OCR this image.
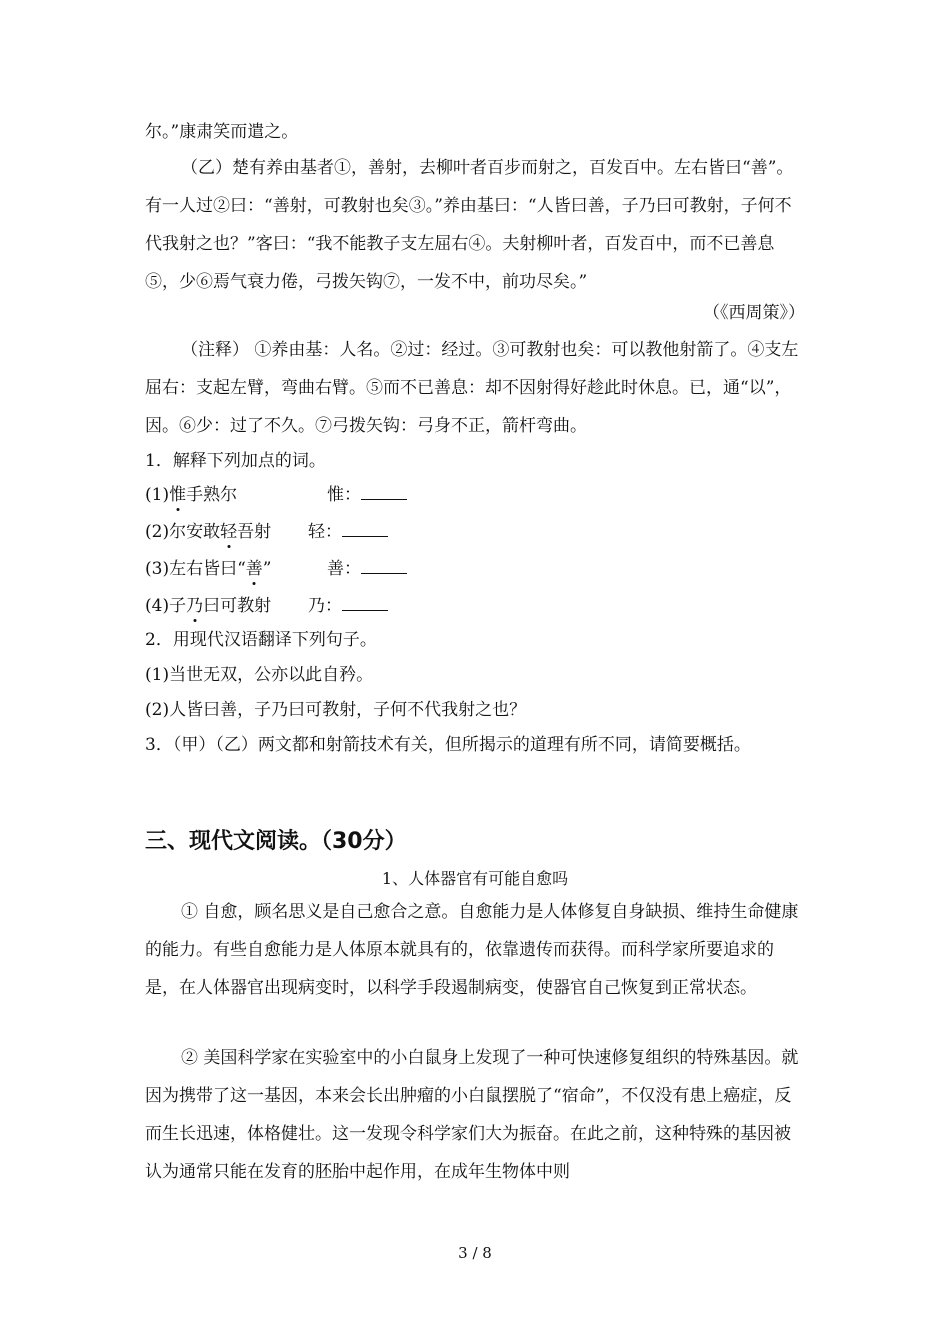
尔。”康肃笑而遣之。
（乙）楚有养由基者①，善射，去柳叶者百步而射之，百发百中。左右皆曰“善”。有一人过②曰：“善射，可教射也矣③。”养由基曰：“人皆曰善，子乃曰可教射，子何不代我射之也？”客曰：“我不能教子支左屈右④。夫射柳叶者，百发百中，而不已善息⑤，少⑥焉气衰力倦，弓拨矢钩⑦，一发不中，前功尽矣。”
（《西周策》）
（注释） ①养由基：人名。②过：经过。③可教射也矣：可以教他射箭了。④支左屈右：支起左臂，弯曲右臂。⑤而不已善息：却不因射得好趁此时休息。已，通“以”，因。⑥少：过了不久。⑦弓拨矢钩：弓身不正，箭杆弯曲。
1．解释下列加点的词。
(1)惟手熟尔	惟：
(2)尔安敢轻吾射 轻：
(3)左右皆曰“善”	善：
(4)子乃曰可教射 乃：
2．用现代汉语翻译下列句子。
(1)当世无双，公亦以此自矜。
(2)人皆曰善，子乃曰可教射，子何不代我射之也？
3．（甲）（乙）两文都和射箭技术有关，但所揭示的道理有所不同，请简要概括。
三、现代文阅读。（30分）
1、人体器官有可能自愈吗
① 自愈，顾名思义是自己愈合之意。自愈能力是人体修复自身缺损、维持生命健康的能力。有些自愈能力是人体原本就具有的，依靠遗传而获得。而科学家所要追求的是，在人体器官出现病变时，以科学手段遏制病变，使器官自己恢复到正常状态。
② 美国科学家在实验室中的小白鼠身上发现了一种可快速修复组织的特殊基因。就因为携带了这一基因，本来会长出肿瘤的小白鼠摆脱了“宿命”，不仅没有患上癌症，反而生长迅速，体格健壮。这一发现令科学家们大为振奋。在此之前，这种特殊的基因被认为通常只能在发育的胚胎中起作用，在成年生物体中则
3 / 8
